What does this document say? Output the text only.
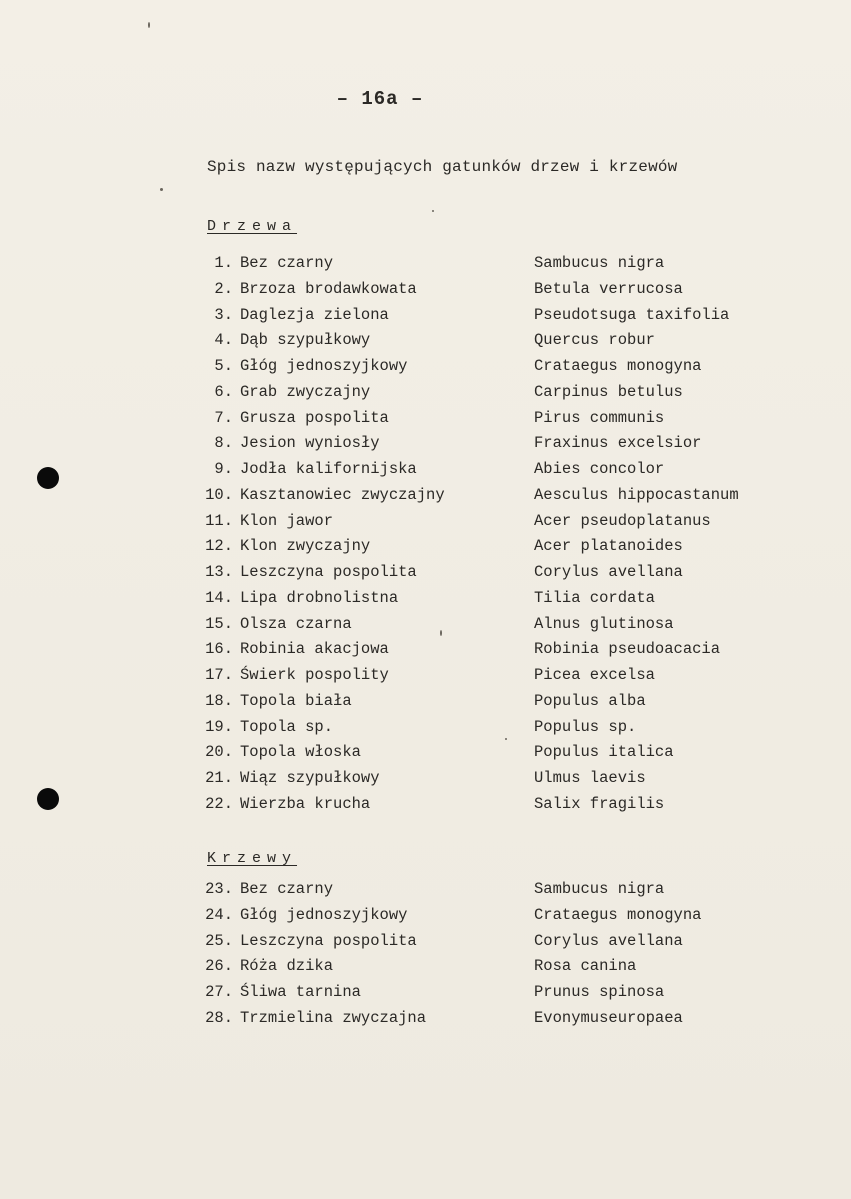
– 16a –
Spis nazw występujących gatunków drzew i krzewów
Drzewa
1. Bez czarny	Sambucus nigra
2. Brzoza brodawkowata	Betula verrucosa
3. Daglezja zielona	Pseudotsuga taxifolia
4. Dąb szypułkowy	Quercus robur
5. Głóg jednoszyjkowy	Crataegus monogyna
6. Grab zwyczajny	Carpinus betulus
7. Grusza pospolita	Pirus communis
8. Jesion wyniosły	Fraxinus excelsior
9. Jodła kalifornijska	Abies concolor
10. Kasztanowiec zwyczajny	Aesculus hippocastanum
11. Klon jawor	Acer pseudoplatanus
12. Klon zwyczajny	Acer platanoides
13. Leszczyna pospolita	Corylus avellana
14. Lipa drobnolistna	Tilia cordata
15. Olsza czarna	Alnus glutinosa
16. Robinia akacjowa	Robinia pseudoacacia
17. Świerk pospolity	Picea excelsa
18. Topola biała	Populus alba
19. Topola sp.	Populus sp.
20. Topola włoska	Populus italica
21. Wiąz szypułkowy	Ulmus laevis
22. Wierzba krucha	Salix fragilis
Krzewy
23. Bez czarny	Sambucus nigra
24. Głóg jednoszyjkowy	Crataegus monogyna
25. Leszczyna pospolita	Corylus avellana
26. Róża dzika	Rosa canina
27. Śliwa tarnina	Prunus spinosa
28. Trzmielina zwyczajna	Evonymuseuropaea
